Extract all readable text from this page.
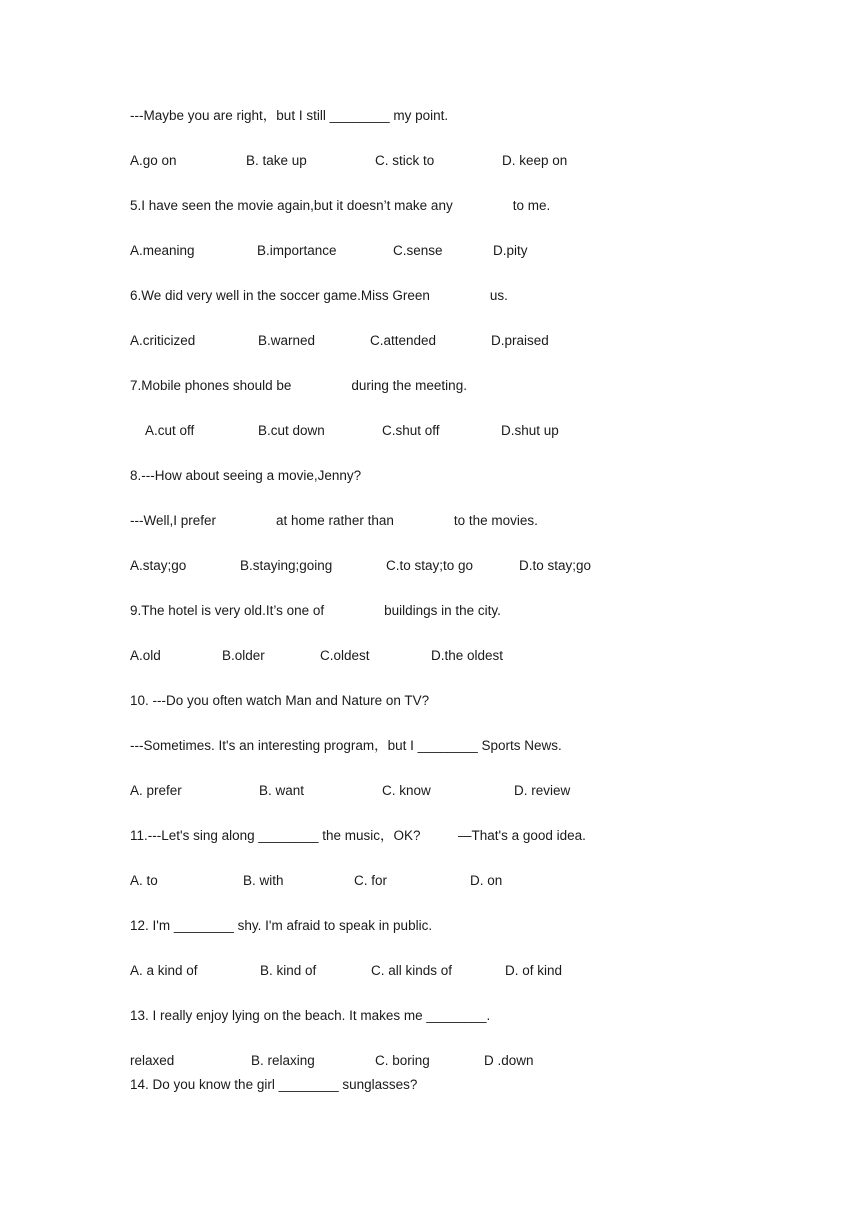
---Maybe you are right，but I still ________ my point.
A.go on	B. take up	C. stick to	D. keep on
5.I have seen the movie again,but it doesn’t make any                to me.
A.meaning	B.importance	C.sense	D.pity
6.We did very well in the soccer game.Miss Green                us.
A.criticized	B.warned	C.attended	D.praised
7.Mobile phones should be                during the meeting.
A.cut off	B.cut down	C.shut off	D.shut up
8.---How about seeing a movie,Jenny?
---Well,I prefer                at home rather than                to the movies.
A.stay;go	B.staying;going	C.to stay;to go	D.to stay;go
9.The hotel is very old.It’s one of                buildings in the city.
A.old	B.older	C.oldest	D.the oldest
10. ---Do you often watch Man and Nature on TV?
---Sometimes. It's an interesting program，but I ________ Sports News.
A. prefer	B. want	C. know	D. review
11.---Let's sing along ________ the music，OK?          —That's a good idea.
A. to	B. with	C. for	D. on
12. I'm ________ shy. I'm afraid to speak in public.
A. a kind of	B. kind of	C. all kinds of	D. of kind
13. I really enjoy lying on the beach. It makes me ________.
relaxed	B. relaxing	C. boring	D .down
14. Do you know the girl ________ sunglasses?
